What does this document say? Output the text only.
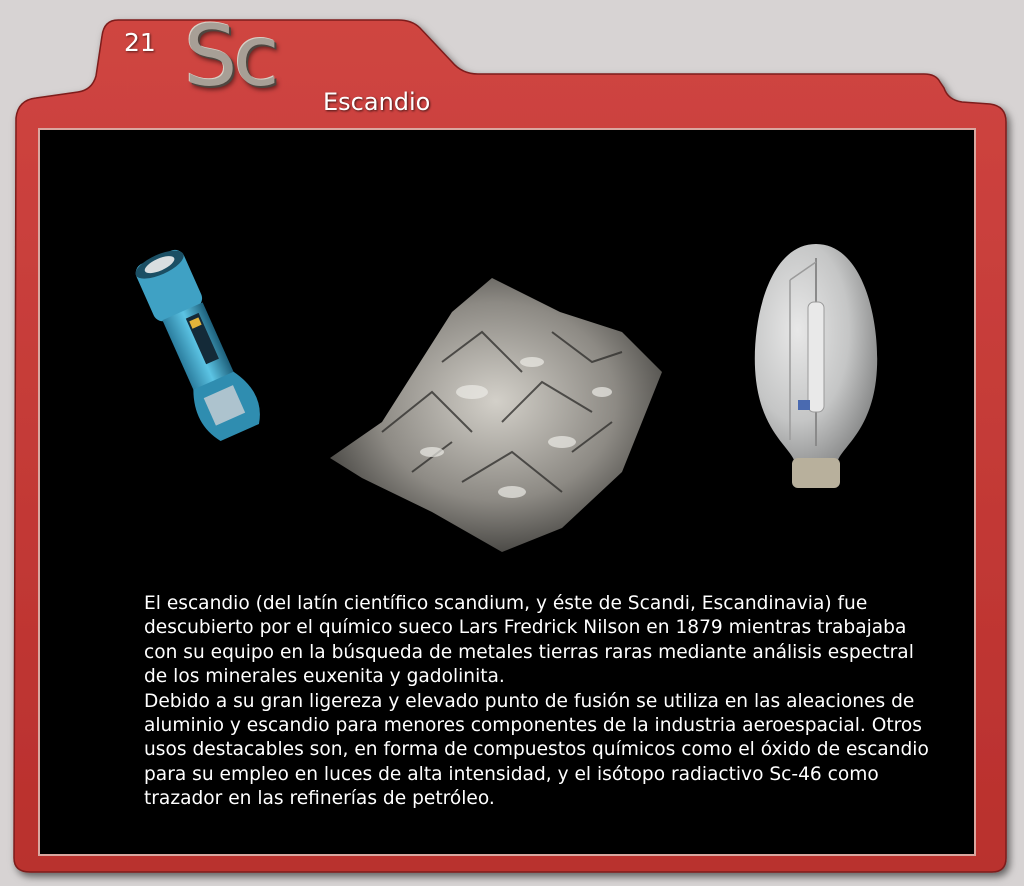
21 Sc Escandio

El escandio (del latín científico scandium, y éste de Scandi, Escandinavia) fue descubierto por el químico sueco Lars Fredrick Nilson en 1879 mientras trabajaba con su equipo en la búsqueda de metales tierras raras mediante análisis espectral de los minerales euxenita y gadolinita.

Debido a su gran ligereza y elevado punto de fusión se utiliza en las aleaciones de aluminio y escandio para menores componentes de la industria aeroespacial. Otros usos destacables son, en forma de compuestos químicos como el óxido de escandio para su empleo en luces de alta intensidad, y el isótopo radiactivo Sc-46 como trazador en las refinerías de petróleo.
